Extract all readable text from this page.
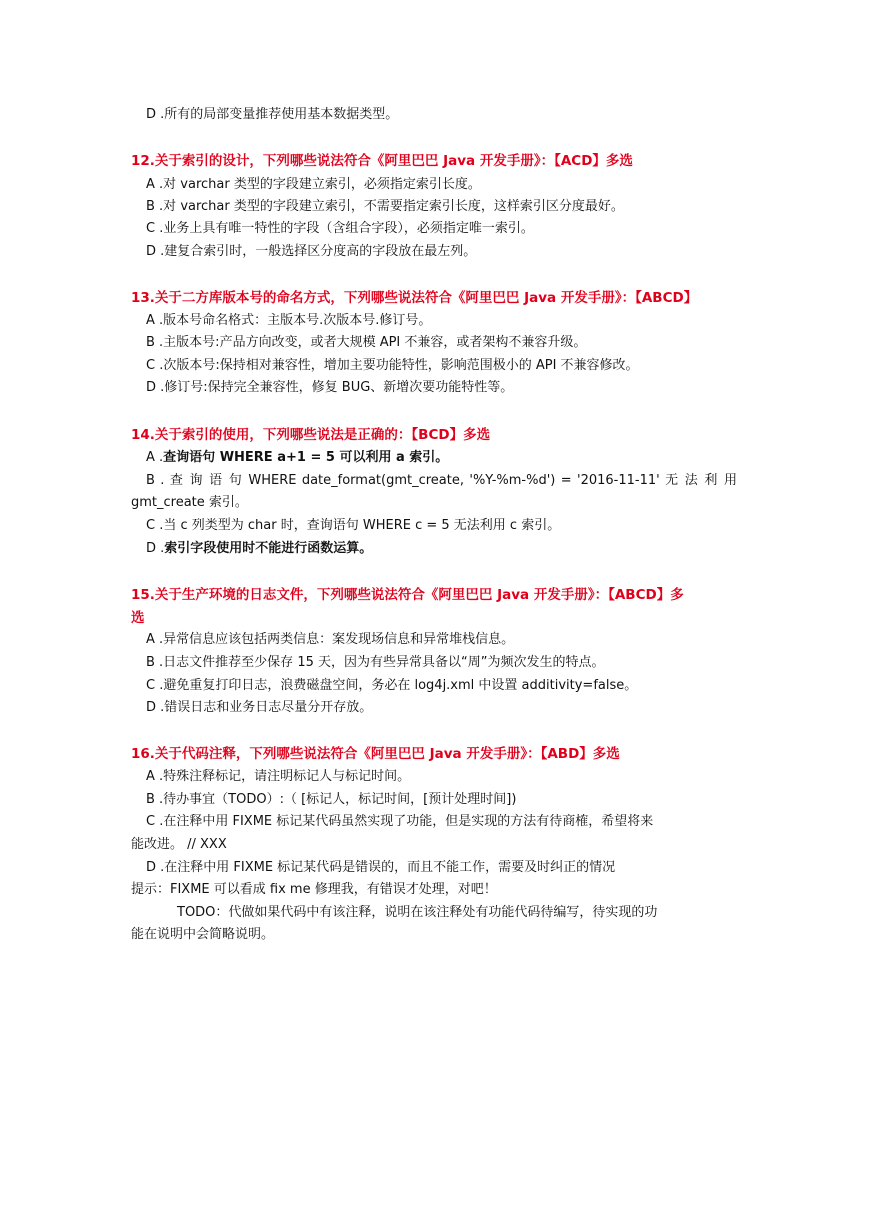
D .所有的局部变量推荐使用基本数据类型。
12.关于索引的设计，下列哪些说法符合《阿里巴巴 Java 开发手册》：【ACD】多选
A .对 varchar 类型的字段建立索引，必须指定索引长度。
B .对 varchar 类型的字段建立索引，不需要指定索引长度，这样索引区分度最好。
C .业务上具有唯一特性的字段（含组合字段），必须指定唯一索引。
D .建复合索引时，一般选择区分度高的字段放在最左列。
13.关于二方库版本号的命名方式，下列哪些说法符合《阿里巴巴 Java 开发手册》：【ABCD】
A .版本号命名格式：主版本号.次版本号.修订号。
B .主版本号:产品方向改变，或者大规模 API 不兼容，或者架构不兼容升级。
C .次版本号:保持相对兼容性，增加主要功能特性，影响范围极小的 API 不兼容修改。
D .修订号:保持完全兼容性，修复 BUG、新增次要功能特性等。
14.关于索引的使用，下列哪些说法是正确的：【BCD】多选
A .查询语句 WHERE a+1 = 5 可以利用 a 索引。
B . 查 询 语 句 WHERE date_format(gmt_create, '%Y-%m-%d') = '2016-11-11' 无 法 利 用
gmt_create 索引。
C .当 c 列类型为 char 时，查询语句 WHERE c = 5 无法利用 c 索引。
D .索引字段使用时不能进行函数运算。
15.关于生产环境的日志文件，下列哪些说法符合《阿里巴巴 Java 开发手册》：【ABCD】多
选
A .异常信息应该包括两类信息：案发现场信息和异常堆栈信息。
B .日志文件推荐至少保存 15 天，因为有些异常具备以“周”为频次发生的特点。
C .避免重复打印日志，浪费磁盘空间，务必在 log4j.xml 中设置 additivity=false。
D .错误日志和业务日志尽量分开存放。
16.关于代码注释，下列哪些说法符合《阿里巴巴 Java 开发手册》：【ABD】多选
A .特殊注释标记，请注明标记人与标记时间。
B .待办事宜（TODO）:（ [标记人，标记时间，[预计处理时间])
C .在注释中用 FIXME 标记某代码虽然实现了功能，但是实现的方法有待商榷，希望将来
能改进。 // XXX
D .在注释中用 FIXME 标记某代码是错误的，而且不能工作，需要及时纠正的情况
提示：FIXME 可以看成 fix me 修理我，有错误才处理，对吧！
TODO：代做如果代码中有该注释，说明在该注释处有功能代码待编写，待实现的功
能在说明中会简略说明。
